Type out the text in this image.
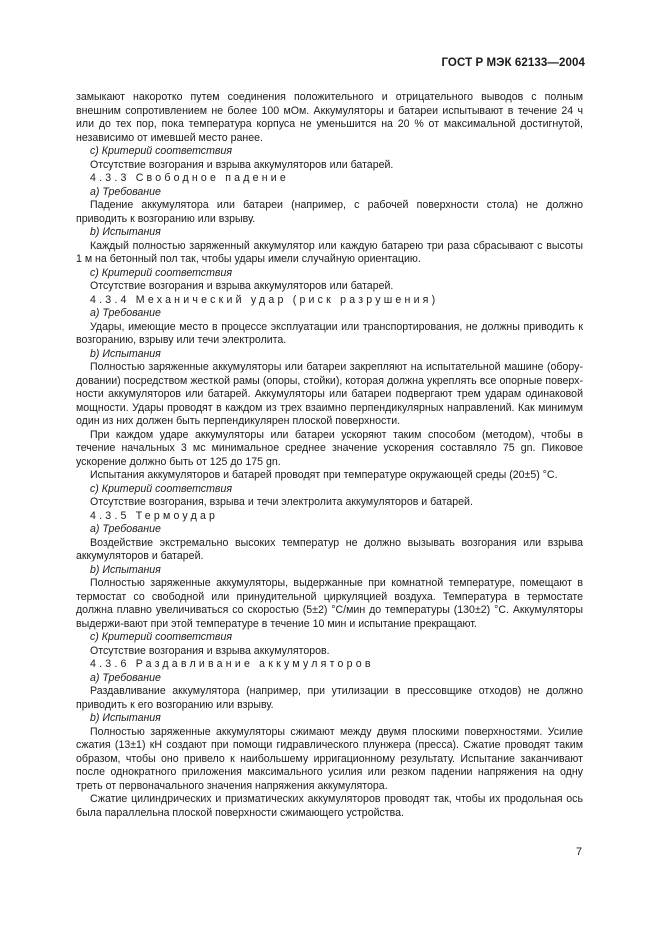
ГОСТ Р МЭК 62133—2004

замыкают накоротко путем соединения положительного и отрицательного выводов с полным внешним сопротивлением не более 100 мОм. Аккумуляторы и батареи испытывают в течение 24 ч или до тех пор, пока температура корпуса не уменьшится на 20 % от максимальной достигнутой, независимо от имевшей место ранее.

c) Критерий соответствия

Отсутствие возгорания и взрыва аккумуляторов или батарей.

4.3.3 Свободное падение

a) Требование

Падение аккумулятора или батареи (например, с рабочей поверхности стола) не должно приводить к возгоранию или взрыву.

b) Испытания

Каждый полностью заряженный аккумулятор или каждую батарею три раза сбрасывают с высоты 1 м на бетонный пол так, чтобы удары имели случайную ориентацию.

c) Критерий соответствия

Отсутствие возгорания и взрыва аккумуляторов или батарей.

4.3.4 Механический удар (риск разрушения)

a) Требование

Удары, имеющие место в процессе эксплуатации или транспортирования, не должны приводить к возгоранию, взрыву или течи электролита.

b) Испытания

Полностью заряженные аккумуляторы или батареи закрепляют на испытательной машине (обору-довании) посредством жесткой рамы (опоры, стойки), которая должна укреплять все опорные поверх-ности аккумуляторов или батарей. Аккумуляторы или батареи подвергают трем ударам одинаковой мощности. Удары проводят в каждом из трех взаимно перпендикулярных направлений. Как минимум один из них должен быть перпендикулярен плоской поверхности.

При каждом ударе аккумуляторы или батареи ускоряют таким способом (методом), чтобы в течение начальных 3 мс минимальное среднее значение ускорения составляло 75 gn. Пиковое ускорение должно быть от 125 до 175 gn.

Испытания аккумуляторов и батарей проводят при температуре окружающей среды (20±5) °С.

c) Критерий соответствия

Отсутствие возгорания, взрыва и течи электролита аккумуляторов и батарей.

4.3.5 Термоудар

a) Требование

Воздействие экстремально высоких температур не должно вызывать возгорания или взрыва аккумуляторов и батарей.

b) Испытания

Полностью заряженные аккумуляторы, выдержанные при комнатной температуре, помещают в термостат со свободной или принудительной циркуляцией воздуха. Температура в термостате должна плавно увеличиваться со скоростью (5±2) °С/мин до температуры (130±2) °С. Аккумуляторы выдержи-вают при этой температуре в течение 10 мин и испытание прекращают.

c) Критерий соответствия

Отсутствие возгорания и взрыва аккумуляторов.

4.3.6 Раздавливание аккумуляторов

a) Требование

Раздавливание аккумулятора (например, при утилизации в прессовщике отходов) не должно приводить к его возгоранию или взрыву.

b) Испытания

Полностью заряженные аккумуляторы сжимают между двумя плоскими поверхностями. Усилие сжатия (13±1) кН создают при помощи гидравлического плунжера (пресса). Сжатие проводят таким образом, чтобы оно привело к наибольшему ирригационному результату. Испытание заканчивают после однократного приложения максимального усилия или резком падении напряжения на одну треть от первоначального значения напряжения аккумулятора.

Сжатие цилиндрических и призматических аккумуляторов проводят так, чтобы их продольная ось была параллельна плоской поверхности сжимающего устройства.

7
